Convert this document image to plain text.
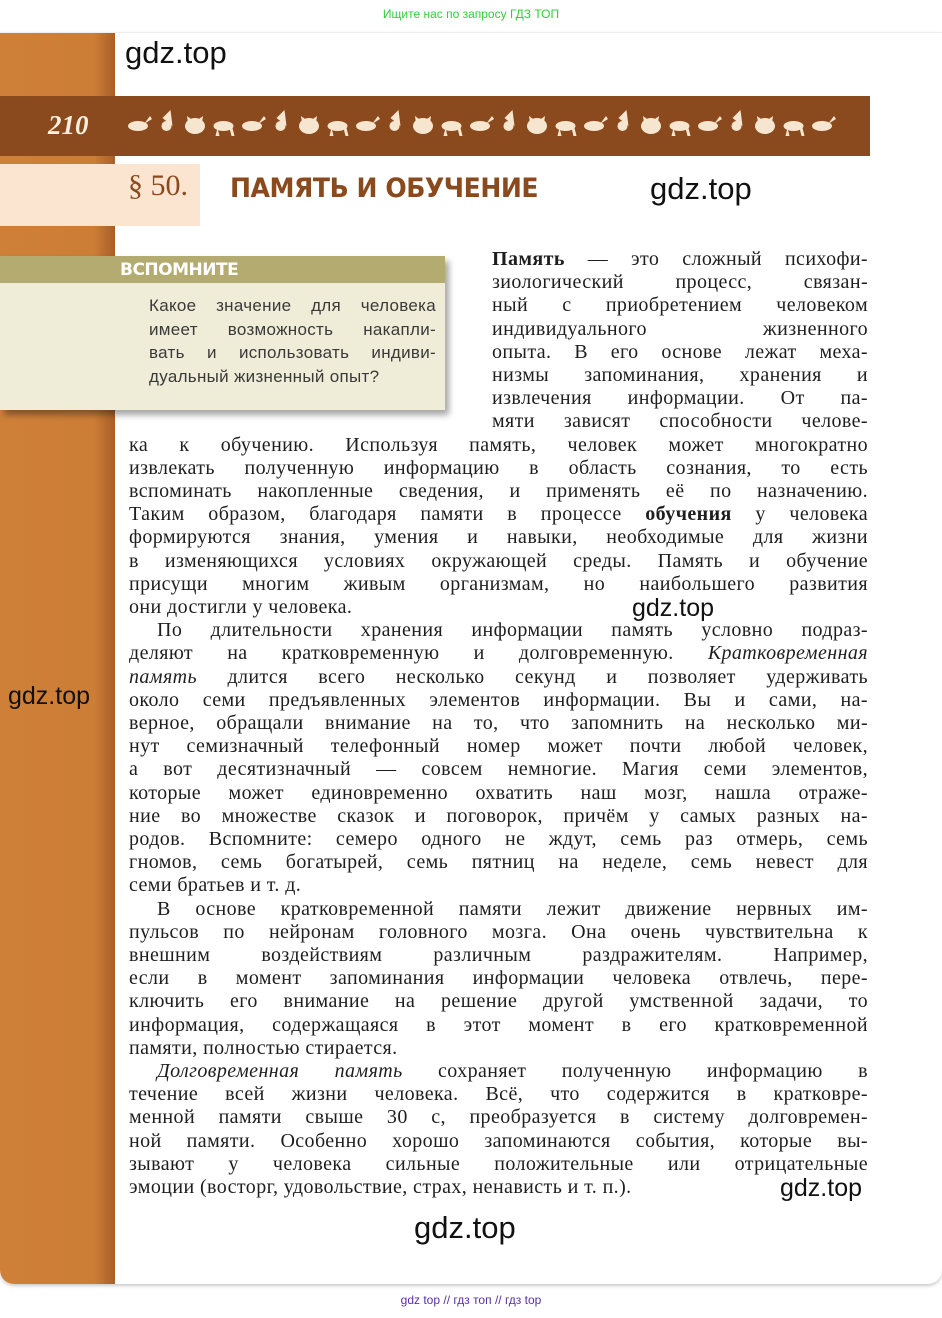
Ищите нас по запросу ГДЗ ТОП
210
§ 50. ПАМЯТЬ И ОБУЧЕНИЕ
ВСПОМНИТЕ
Какое значение для человека
имеет возможность накапли-
вать и использовать индиви-
дуальный жизненный опыт?
Память — это сложный психофи-
зиологический процесс, связан-
ный с приобретением человеком
индивидуального жизненного
опыта. В его основе лежат меха-
низмы запоминания, хранения и
извлечения информации. От па-
мяти зависят способности челове-
ка к обучению. Используя память, человек может многократно
извлекать полученную информацию в область сознания, то есть
вспоминать накопленные сведения, и применять её по назначению.
Таким образом, благодаря памяти в процессе обучения у человека
формируются знания, умения и навыки, необходимые для жизни
в изменяющихся условиях окружающей среды. Память и обучение
присущи многим живым организмам, но наибольшего развития
они достигли у человека.
По длительности хранения информации память условно подраз-
деляют на кратковременную и долговременную. Кратковременная
память длится всего несколько секунд и позволяет удерживать
около семи предъявленных элементов информации. Вы и сами, на-
верное, обращали внимание на то, что запомнить на несколько ми-
нут семизначный телефонный номер может почти любой человек,
а вот десятизначный — совсем немногие. Магия семи элементов,
которые может единовременно охватить наш мозг, нашла отраже-
ние во множестве сказок и поговорок, причём у самых разных на-
родов. Вспомните: семеро одного не ждут, семь раз отмерь, семь
гномов, семь богатырей, семь пятниц на неделе, семь невест для
семи братьев и т. д.
В основе кратковременной памяти лежит движение нервных им-
пульсов по нейронам головного мозга. Она очень чувствительна к
внешним воздействиям различным раздражителям. Например,
если в момент запоминания информации человека отвлечь, пере-
ключить его внимание на решение другой умственной задачи, то
информация, содержащаяся в этот момент в его кратковременной
памяти, полностью стирается.
Долговременная память сохраняет полученную информацию в
течение всей жизни человека. Всё, что содержится в кратковре-
менной памяти свыше 30 с, преобразуется в систему долговремен-
ной памяти. Особенно хорошо запоминаются события, которые вы-
зывают у человека сильные положительные или отрицательные
эмоции (восторг, удовольствие, страх, ненависть и т. п.).
gdz.top
gdz.top
gdz.top
gdz.top
gdz.top
gdz.top
gdz top // гдз топ // гдз top
